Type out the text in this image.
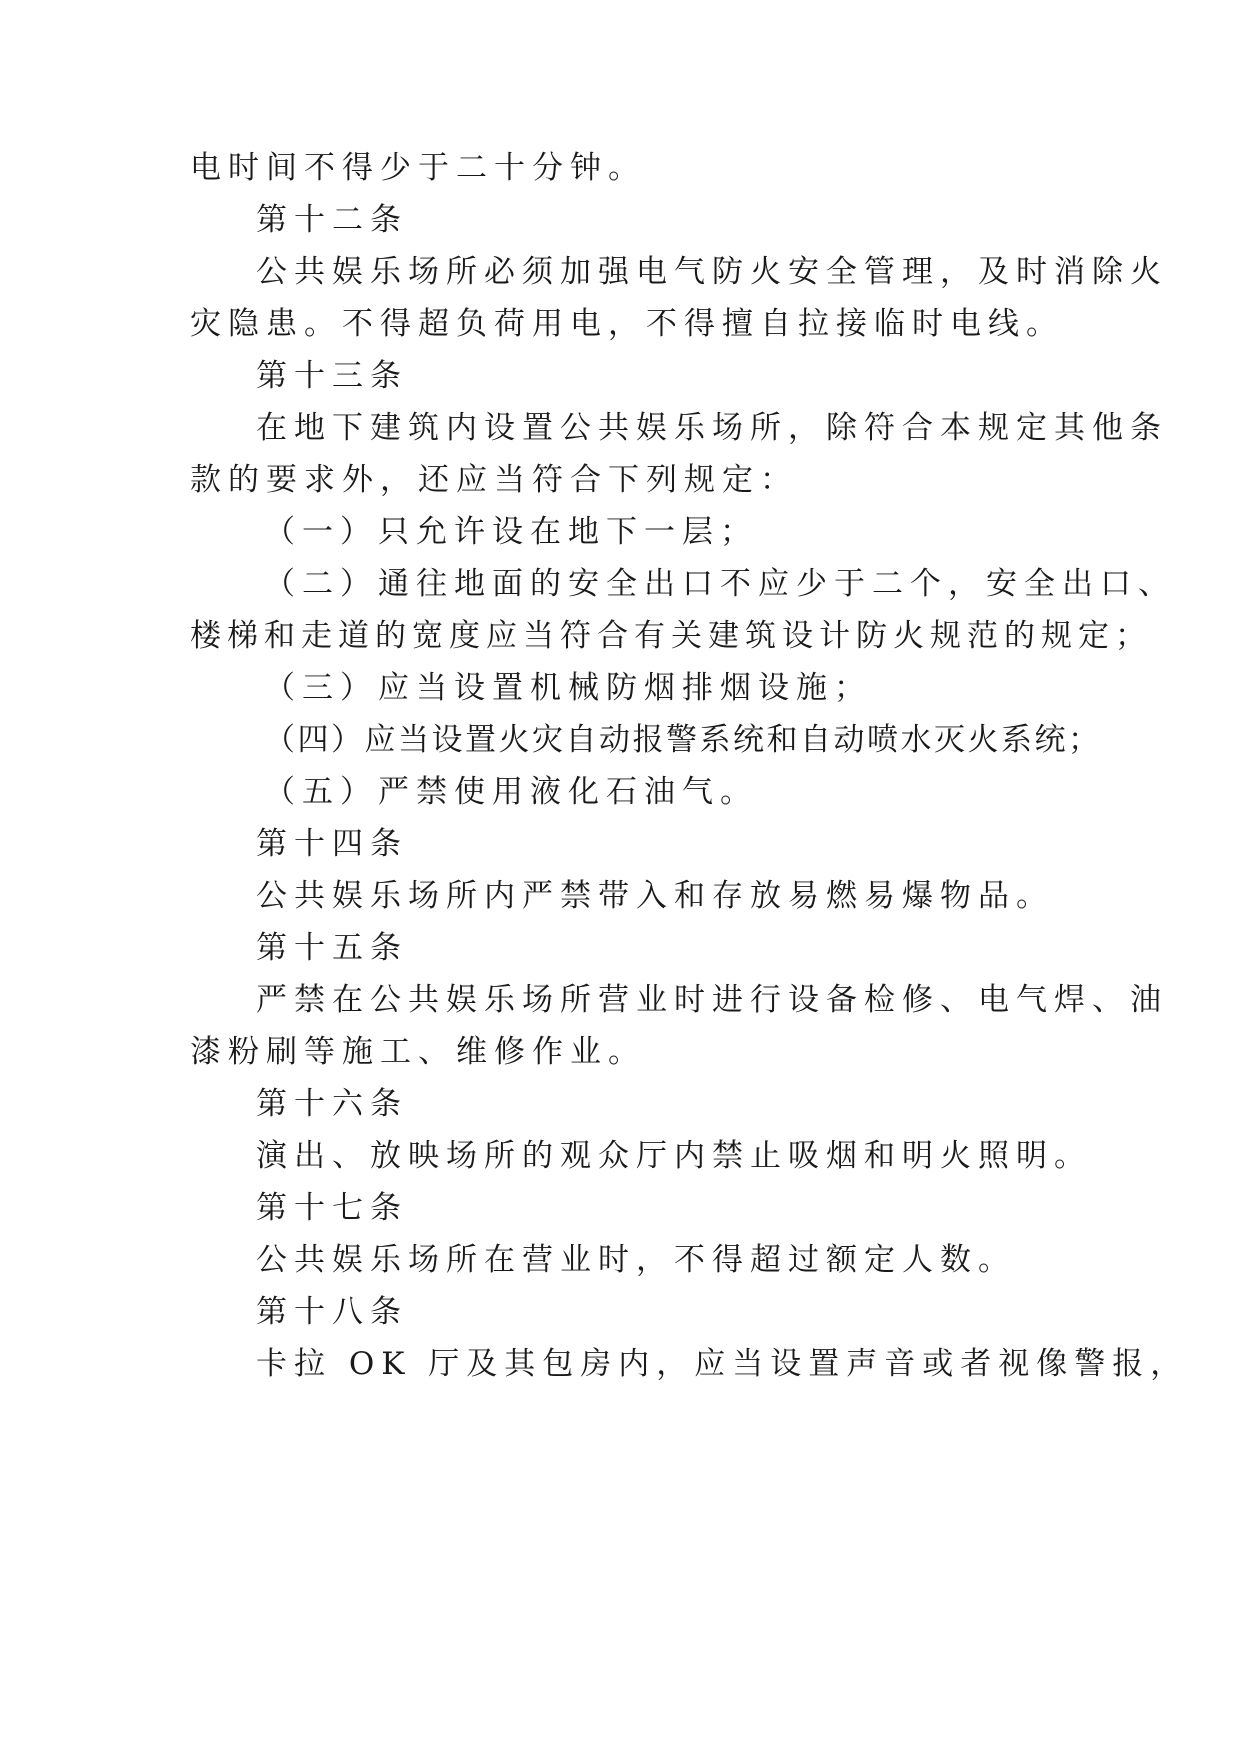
电时间不得少于二十分钟。
第十二条
公共娱乐场所必须加强电气防火安全管理，及时消除火
灾隐患。不得超负荷用电，不得擅自拉接临时电线。
第十三条
在地下建筑内设置公共娱乐场所，除符合本规定其他条
款的要求外，还应当符合下列规定：
（一）只允许设在地下一层；
（二）通往地面的安全出口不应少于二个，安全出口、
楼梯和走道的宽度应当符合有关建筑设计防火规范的规定；
（三）应当设置机械防烟排烟设施；
（四）应当设置火灾自动报警系统和自动喷水灭火系统；
（五）严禁使用液化石油气。
第十四条
公共娱乐场所内严禁带入和存放易燃易爆物品。
第十五条
严禁在公共娱乐场所营业时进行设备检修、电气焊、油
漆粉刷等施工、维修作业。
第十六条
演出、放映场所的观众厅内禁止吸烟和明火照明。
第十七条
公共娱乐场所在营业时，不得超过额定人数。
第十八条
卡拉 OK 厅及其包房内，应当设置声音或者视像警报，
